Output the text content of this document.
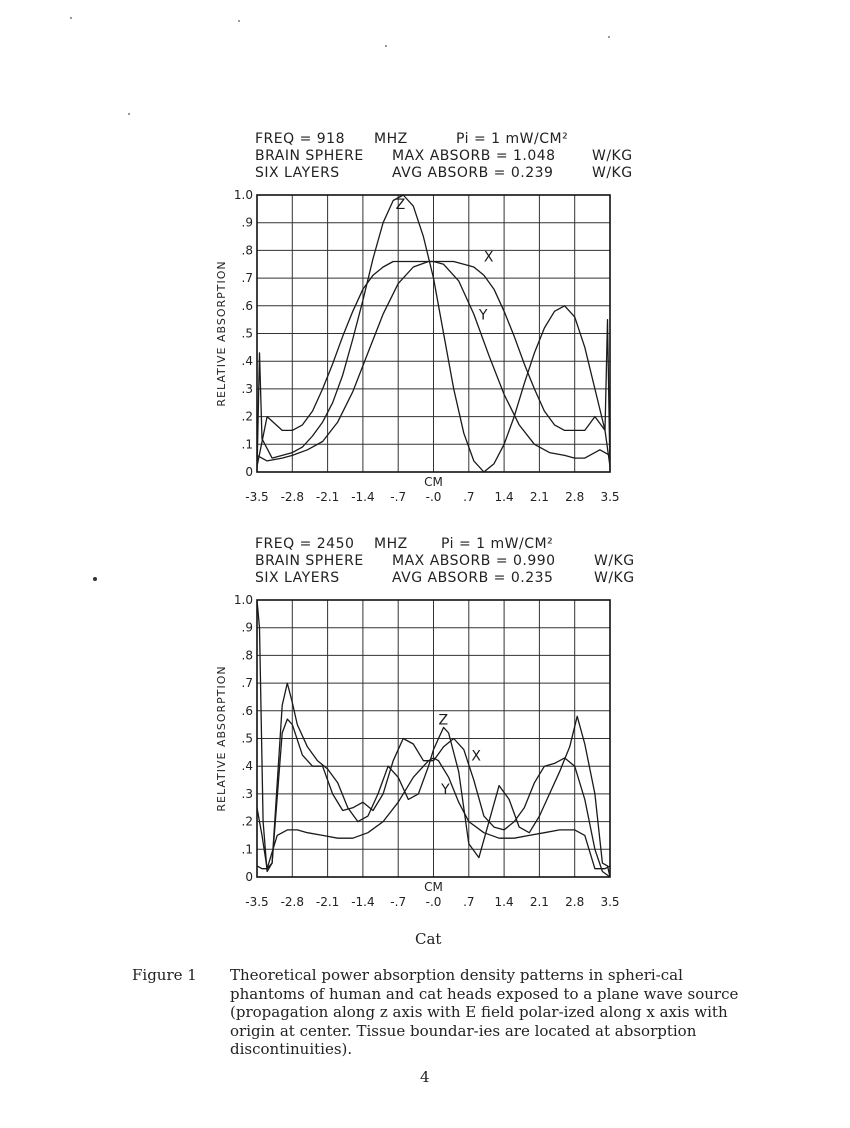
FREQ = 918 MHZ	Pi = 1 mW/CM²
BRAIN SPHERE MAX ABSORB = 1.048	W/KG
SIX LAYERS	AVG ABSORB = 0.239	W/KG
0
.1
.2
.3
.4
.5
.6
.7
.8
.9
1.0
-3.5 -2.8 -2.1 -1.4 -.7 -.0 .7 1.4 2.1 2.8 3.5
CM
RELATIVE ABSORPTION
Z
X
Y
FREQ = 2450 MHZ Pi = 1 mW/CM²
BRAIN SPHERE MAX ABSORB = 0.990	W/KG
SIX LAYERS	AVG ABSORB = 0.235	W/KG
0
.1
.2
.3
.4
.5
.6
.7
.8
.9
1.0
-3.5 -2.8 -2.1 -1.4 -.7 -.0 .7 1.4 2.1 2.8 3.5
CM
RELATIVE ABSORPTION	Z
X
Y
Cat
Figure 1 Theoretical power absorption density patterns in spheri-cal phantoms of human and cat heads exposed to a plane wave source (propagation along z axis with E field polar-ized along x axis with origin at center. Tissue boundar-ies are located at absorption discontinuities).
4
